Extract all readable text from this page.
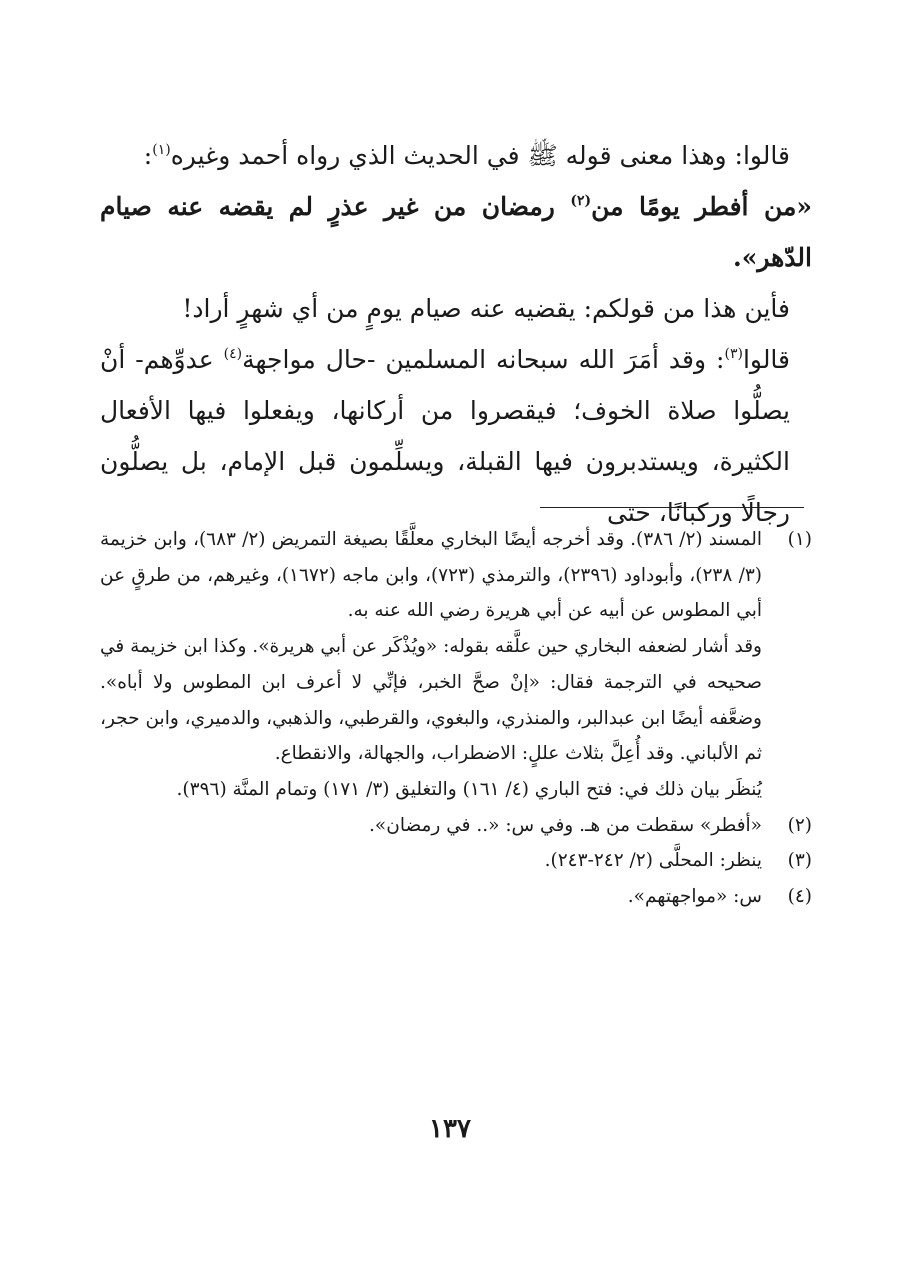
قالوا: وهذا معنى قوله ﷺ في الحديث الذي رواه أحمد وغيره$^{(١)}$:

«من أفطر يومًا من$^{(٢)}$ رمضان من غير عذرٍ لم يقضه عنه صيام الدّهر».

فأين هذا من قولكم: يقضيه عنه صيام يومٍ من أي شهرٍ أراد!

قالوا$^{(٣)}$: وقد أمَرَ الله سبحانه المسلمين -حال مواجهة$^{(٤)}$ عدوِّهم- أنْ يصلُّوا صلاة الخوف؛ فيقصروا من أركانها، ويفعلوا فيها الأفعال الكثيرة، ويستدبرون فيها القبلة، ويسلِّمون قبل الإمام، بل يصلُّون رجالًا وركبانًا، حتى

(١)

المسند (٢/ ٣٨٦). وقد أخرجه أيضًا البخاري معلَّقًا بصيغة التمريض (٢/ ٦٨٣)، وابن خزيمة (٣/ ٢٣٨)، وأبوداود (٢٣٩٦)، والترمذي (٧٢٣)، وابن ماجه (١٦٧٢)، وغيرهم، من طرقٍ عن أبي المطوس عن أبيه عن أبي هريرة رضي الله عنه به.

وقد أشار لضعفه البخاري حين علَّقه بقوله: «ويُذْكَر عن أبي هريرة». وكذا ابن خزيمة في صحيحه في الترجمة فقال: «إنْ صحَّ الخبر، فإنِّي لا أعرف ابن المطوس ولا أباه». وضعَّفه أيضًا ابن عبدالبر، والمنذري، والبغوي، والقرطبي، والذهبي، والدميري، وابن حجر، ثم الألباني. وقد أُعِلَّ بثلاث عللٍ: الاضطراب، والجهالة، والانقطاع.

يُنظَر بيان ذلك في: فتح الباري (٤/ ١٦١) والتغليق (٣/ ١٧١) وتمام المنَّة (٣٩٦).

(٢)

«أفطر» سقطت من هـ. وفي س: «.. في رمضان».

(٣)

ينظر: المحلَّى (٢/ ٢٤٢-٢٤٣).

(٤)

س: «مواجهتهم».

١٣٧
